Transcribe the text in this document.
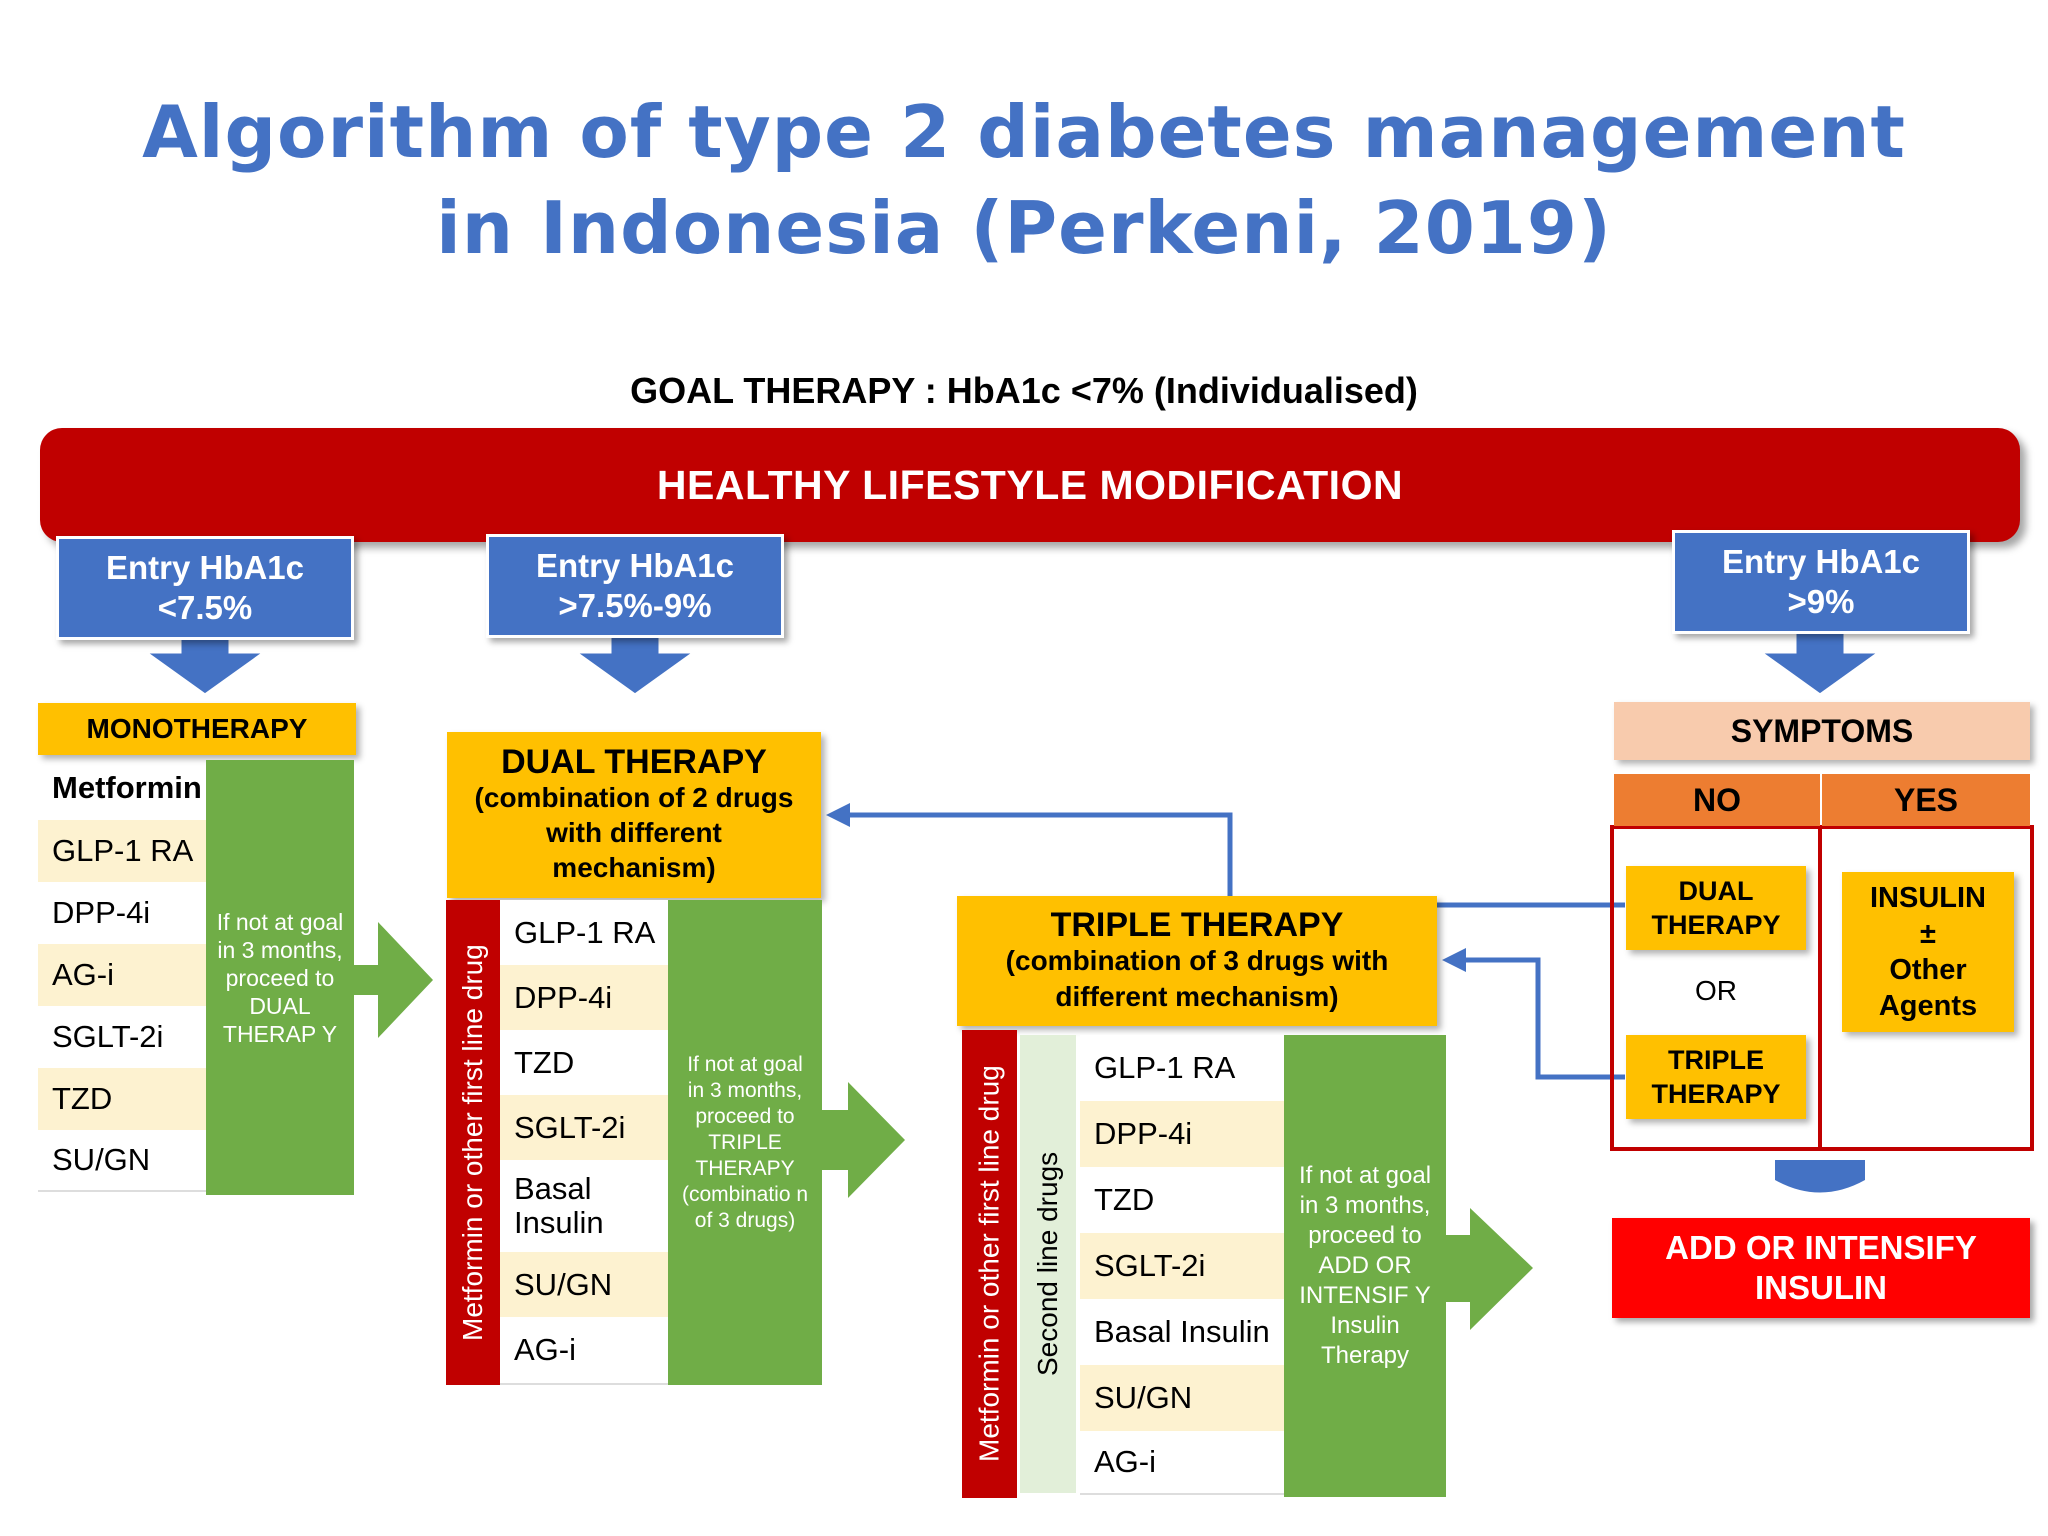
Algorithm of type 2 diabetes management
in Indonesia (Perkeni, 2019)
GOAL THERAPY : HbA1c <7% (Individualised)
HEALTHY LIFESTYLE MODIFICATION
Entry HbA1c
<7.5%
Entry HbA1c
>7.5%-9%
Entry HbA1c
>9%
MONOTHERAPY
Metformin
GLP-1 RA
DPP-4i
AG-i
SGLT-2i
TZD
SU/GN
If not at goal in 3 months, proceed to DUAL THERAP Y
DUAL THERAPY
(combination of 2 drugs
with different
mechanism)
Metformin or other first line drug
GLP-1 RA
DPP-4i
TZD
SGLT-2i
Basal Insulin
SU/GN
AG-i
If not at goal in 3 months, proceed to TRIPLE THERAPY (combinatio n of 3 drugs)
TRIPLE THERAPY
(combination of 3 drugs with
different mechanism)
Metformin or other first line drug Second line drugs
GLP-1 RA
DPP-4i
TZD
SGLT-2i
Basal Insulin
SU/GN
AG-i
If not at goal in 3 months, proceed to ADD OR INTENSIF Y Insulin Therapy
SYMPTOMS
NO	YES
DUAL
THERAPY
OR
TRIPLE
THERAPY
INSULIN
±
Other
Agents
ADD OR INTENSIFY
INSULIN
